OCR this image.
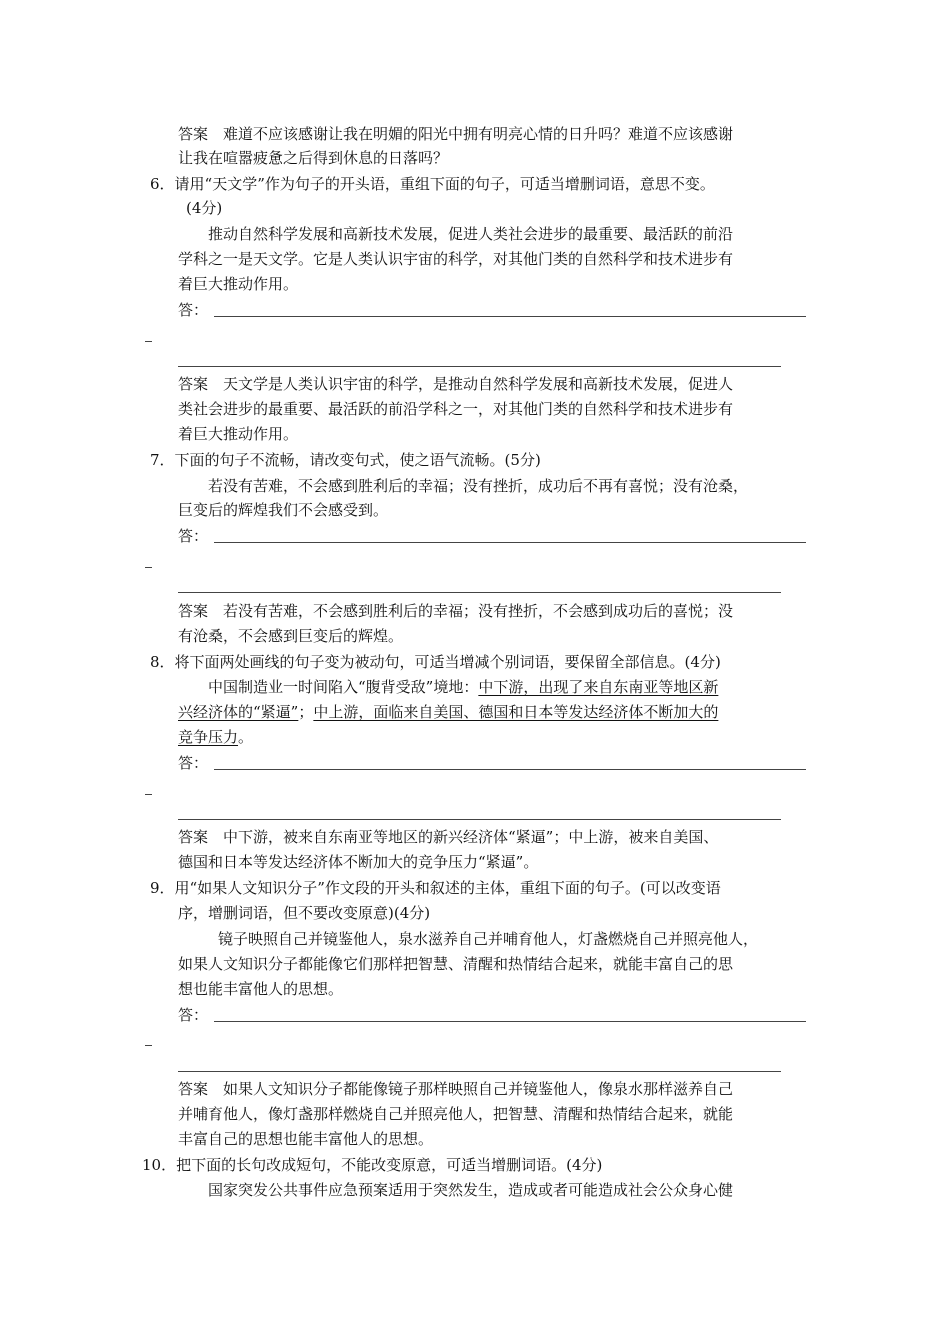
答案　难道不应该感谢让我在明媚的阳光中拥有明亮心情的日升吗？难道不应该感谢
让我在喧嚣疲惫之后得到休息的日落吗？
6．请用“天文学”作为句子的开头语，重组下面的句子，可适当增删词语，意思不变。
(4分)
推动自然科学发展和高新技术发展，促进人类社会进步的最重要、最活跃的前沿
学科之一是天文学。它是人类认识宇宙的科学，对其他门类的自然科学和技术进步有
着巨大推动作用。
答：
答案　天文学是人类认识宇宙的科学，是推动自然科学发展和高新技术发展，促进人
类社会进步的最重要、最活跃的前沿学科之一，对其他门类的自然科学和技术进步有
着巨大推动作用。
7．下面的句子不流畅，请改变句式，使之语气流畅。(5分)
若没有苦难，不会感到胜利后的幸福；没有挫折，成功后不再有喜悦；没有沧桑，
巨变后的辉煌我们不会感受到。
答：
答案　若没有苦难，不会感到胜利后的幸福；没有挫折，不会感到成功后的喜悦；没
有沧桑，不会感到巨变后的辉煌。
8．将下面两处画线的句子变为被动句，可适当增减个别词语，要保留全部信息。(4分)
中国制造业一时间陷入“腹背受敌”境地：中下游，出现了来自东南亚等地区新
兴经济体的“紧逼”；中上游，面临来自美国、德国和日本等发达经济体不断加大的
竞争压力。
答：
答案　中下游，被来自东南亚等地区的新兴经济体“紧逼”；中上游，被来自美国、
德国和日本等发达经济体不断加大的竞争压力“紧逼”。
9．用“如果人文知识分子”作文段的开头和叙述的主体，重组下面的句子。(可以改变语
序，增删词语，但不要改变原意)(4分)
镜子映照自己并镜鉴他人，泉水滋养自己并哺育他人，灯盏燃烧自己并照亮他人，
如果人文知识分子都能像它们那样把智慧、清醒和热情结合起来，就能丰富自己的思
想也能丰富他人的思想。
答：
答案　如果人文知识分子都能像镜子那样映照自己并镜鉴他人，像泉水那样滋养自己
并哺育他人，像灯盏那样燃烧自己并照亮他人，把智慧、清醒和热情结合起来，就能
丰富自己的思想也能丰富他人的思想。
10．把下面的长句改成短句，不能改变原意，可适当增删词语。(4分)
国家突发公共事件应急预案适用于突然发生，造成或者可能造成社会公众身心健
